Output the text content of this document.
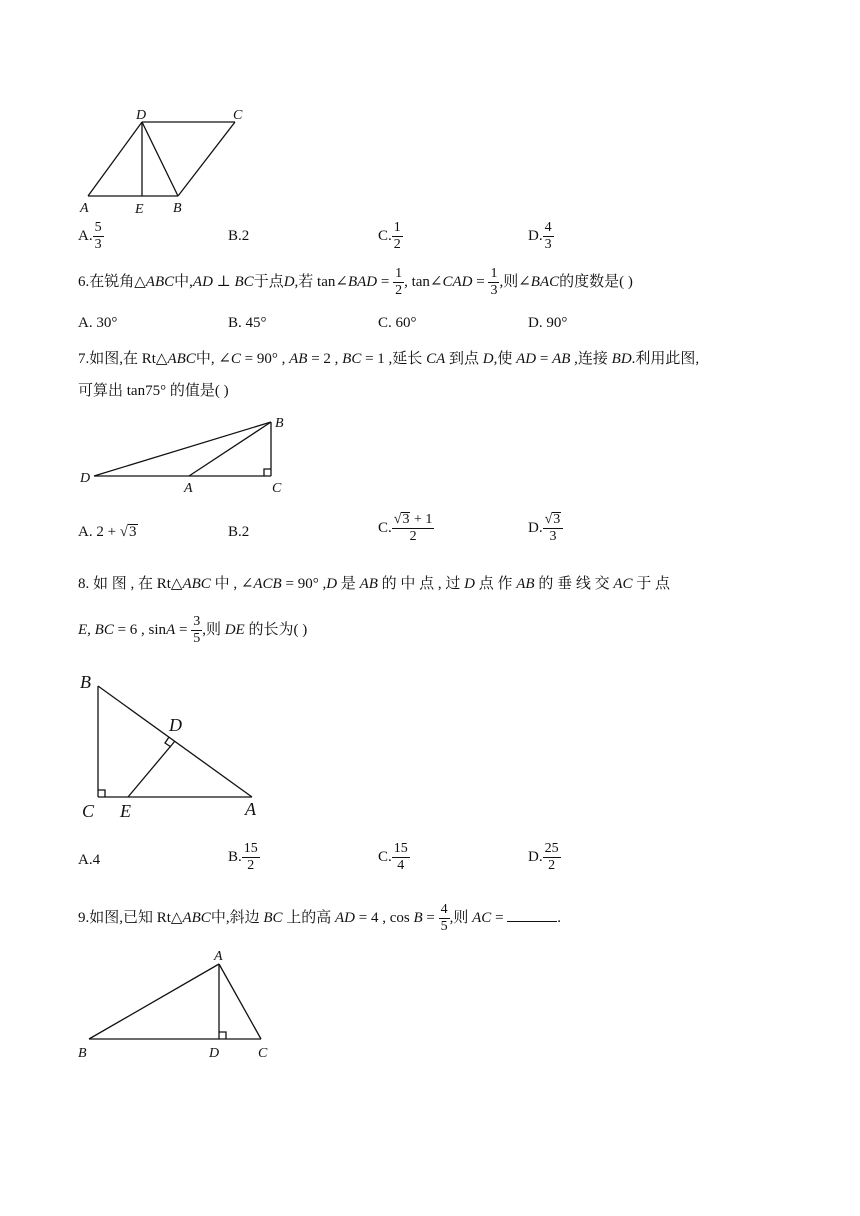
D	C
A	E B
A. $\frac{5}{3}$	B.2	C. $\frac{1}{2}$	D. $\frac{4}{3}$
6.在锐角△ABC中,AD ⊥ BC于点D,若 tan∠BAD = $\frac{1}{2}$ , tan∠CAD = $\frac{1}{3}$ ,则∠BAC的度数是( )
A. 30°	B. 45°	C. 60°	D. 90°
7.如图,在 Rt△ABC中, ∠C = 90° , AB = 2 , BC = 1 ,延长 CA 到点 D,使 AD = AB ,连接 BD.利用此图,
可算出 tan75° 的值是( )
B
D
A	C
A. 2 + √3	B.2	C. $\frac{√3 + 1}{2}$	D. $\frac{√3}{3}$
8. 如 图 , 在 Rt△ABC 中 , ∠ACB = 90° ,D 是 AB 的 中 点 , 过 D 点 作 AB 的 垂 线 交 AC 于 点
E, BC = 6 , $\sin A = \frac{3}{5}$ ,则 DE 的长为( )
B
D
C E	A
A.4	B. $\frac{15}{2}$	C. $\frac{15}{4}$	D. $\frac{25}{2}$
9.如图,已知 Rt△ABC中,斜边 BC 上的高 AD = 4 , $\cos B = \frac{4}{5}$ ,则 AC =	.
A
B	D	C
